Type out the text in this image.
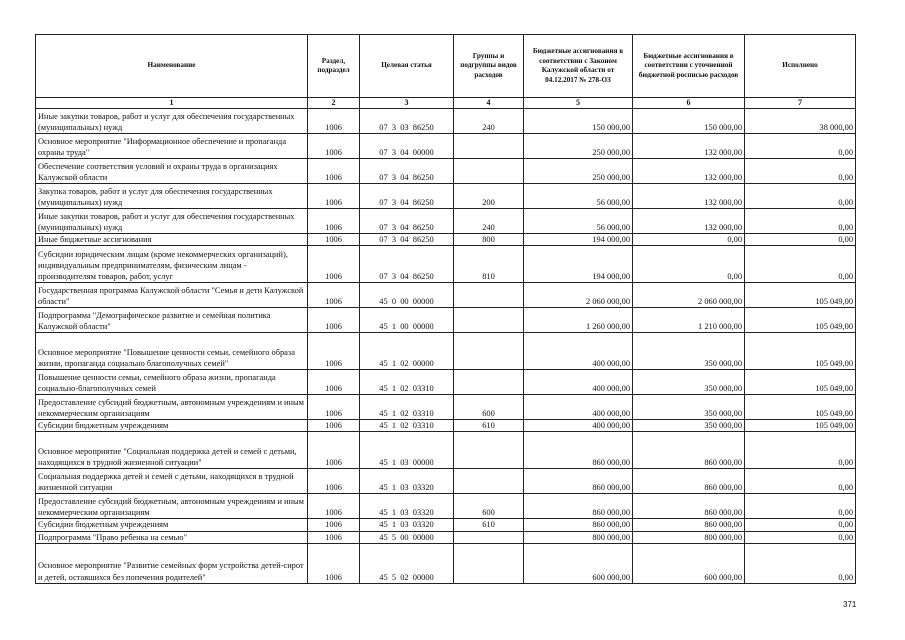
Наименование	Раздел, подраздел	Целевая статья	Группы и подгруппы видов расходов	Бюджетные ассигнования в соответствии с Законом Калужской области от 04.12.2017 № 278-ОЗ	Бюджетные ассигнования в соответствии с уточненной бюджетной росписью расходов	Исполнено
1	2	3	4	5	6	7
Иные закупки товаров, работ и услуг для обеспечения государственных (муниципальных) нужд	1006	07  3  03  86250	240	150 000,00	150 000,00	38 000,00
Основное мероприятие "Информационное обеспечение и пропаганда охраны труда"	1006	07  3  04  00000		250 000,00	132 000,00	0,00
Обеспечение соответствия условий и охраны труда в организациях Калужской области	1006	07  3  04  86250		250 000,00	132 000,00	0,00
Закупка товаров, работ и услуг для обеспечения государственных (муниципальных) нужд	1006	07  3  04  86250	200	56 000,00	132 000,00	0,00
Иные закупки товаров, работ и услуг для обеспечения государственных (муниципальных) нужд	1006	07  3  04  86250	240	56 000,00	132 000,00	0,00
Иные бюджетные ассигнования	1006	07  3  04  86250	800	194 000,00	0,00	0,00
Субсидии юридическим лицам (кроме некоммерческих организаций), индивидуальным предпринимателям, физическим лицам - производителям товаров, работ, услуг	1006	07  3  04  86250	810	194 000,00	0,00	0,00
Государственная программа Калужской области "Семья и дети Калужской области"	1006	45  0  00  00000		2 060 000,00	2 060 000,00	105 049,00
Подпрограмма "Демографическое развитие и семейная политика Калужской области"	1006	45  1  00  00000		1 260 000,00	1 210 000,00	105 049,00
Основное мероприятие "Повышение ценности семьи, семейного образа жизни, пропаганда социально благополучных семей"	1006	45  1  02  00000		400 000,00	350 000,00	105 049,00
Повышение ценности семьи, семейного образа жизни, пропаганда социально-благополучных семей	1006	45  1  02  03310		400 000,00	350 000,00	105 049,00
Предоставление субсидий бюджетным, автономным учреждениям и иным некоммерческим организациям	1006	45  1  02  03310	600	400 000,00	350 000,00	105 049,00
Субсидии бюджетным учреждениям	1006	45  1  02  03310	610	400 000,00	350 000,00	105 049,00
Основное мероприятие "Социальная поддержка детей и семей с детьми, находящихся в трудной жизненной ситуации"	1006	45  1  03  00000		860 000,00	860 000,00	0,00
Социальная поддержка детей и семей с детьми, находящихся в трудной жизненной ситуации	1006	45  1  03  03320		860 000,00	860 000,00	0,00
Предоставление субсидий бюджетным, автономным учреждениям и иным некоммерческим организациям	1006	45  1  03  03320	600	860 000,00	860 000,00	0,00
Субсидии бюджетным учреждениям	1006	45  1  03  03320	610	860 000,00	860 000,00	0,00
Подпрограмма "Право ребенка на семью"	1006	45  5  00  00000		800 000,00	800 000,00	0,00
Основное мероприятие "Развитие семейных форм устройства детей-сирот и детей, оставшихся без попечения родителей"	1006	45  5  02  00000		600 000,00	600 000,00	0,00
371
